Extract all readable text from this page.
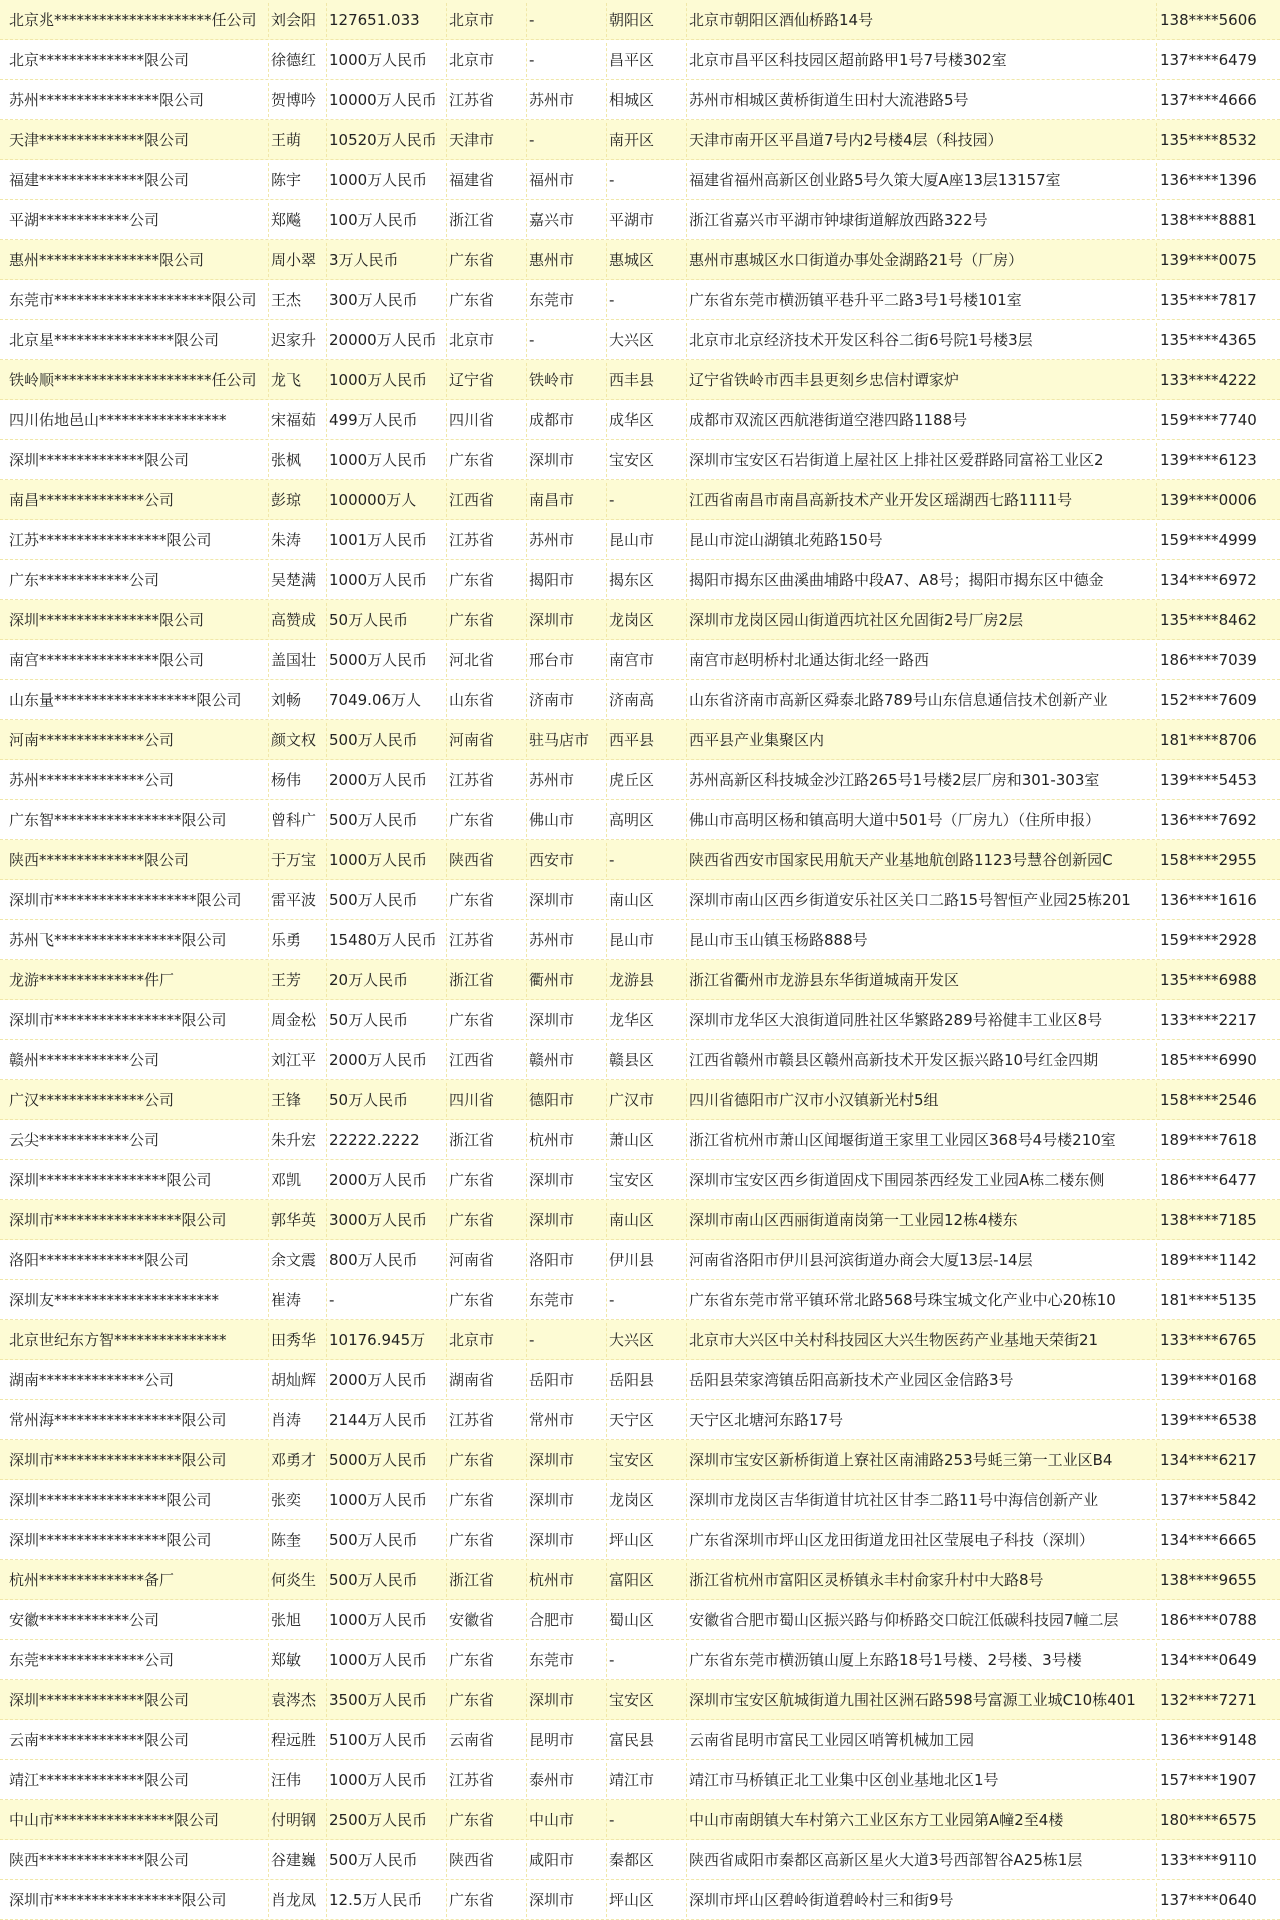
北京兆*********************任公司 刘会阳 127651.033	北京市	-	朝阳区	北京市朝阳区酒仙桥路14号	138****5606
北京**************限公司	徐德红 1000万人民币	北京市	-	昌平区	北京市昌平区科技园区超前路甲1号7号楼302室	137****6479
苏州****************限公司	贺博吟 10000万人民币 江苏省	苏州市	相城区	苏州市相城区黄桥街道生田村大流港路5号	137****4666
天津**************限公司	王萌	10520万人民币 天津市	-	南开区	天津市南开区平昌道7号内2号楼4层（科技园）	135****8532
福建**************限公司	陈宇	1000万人民币	福建省	福州市	-	福建省福州高新区创业路5号久策大厦A座13层13157室	136****1396
平湖************公司	郑飚	100万人民币	浙江省	嘉兴市	平湖市	浙江省嘉兴市平湖市钟埭街道解放西路322号	138****8881
惠州****************限公司	周小翠 3万人民币	广东省	惠州市	惠城区	惠州市惠城区水口街道办事处金湖路21号（厂房）	139****0075
东莞市*********************限公司 王杰	300万人民币	广东省	东莞市	-	广东省东莞市横沥镇平巷升平二路3号1号楼101室	135****7817
北京星****************限公司	迟家升 20000万人民币 北京市	-	大兴区	北京市北京经济技术开发区科谷二街6号院1号楼3层	135****4365
铁岭顺*********************任公司 龙飞	1000万人民币	辽宁省	铁岭市	西丰县	辽宁省铁岭市西丰县更刻乡忠信村谭家炉	133****4222
四川佑地邑山*****************	宋福茹 499万人民币	四川省	成都市	成华区	成都市双流区西航港街道空港四路1188号	159****7740
深圳**************限公司	张枫	1000万人民币	广东省	深圳市	宝安区	深圳市宝安区石岩街道上屋社区上排社区爱群路同富裕工业区2	139****6123
南昌**************公司	彭琼	100000万人	江西省	南昌市	-	江西省南昌市南昌高新技术产业开发区瑶湖西七路1111号	139****0006
江苏*****************限公司	朱涛	1001万人民币	江苏省	苏州市	昆山市	昆山市淀山湖镇北苑路150号	159****4999
广东************公司	吴楚满 1000万人民币	广东省	揭阳市	揭东区	揭阳市揭东区曲溪曲埔路中段A7、A8号；揭阳市揭东区中德金	134****6972
深圳****************限公司	高赞成 50万人民币	广东省	深圳市	龙岗区	深圳市龙岗区园山街道西坑社区允固街2号厂房2层	135****8462
南宫****************限公司	盖国壮 5000万人民币	河北省	邢台市	南宫市	南宫市赵明桥村北通达街北经一路西	186****7039
山东量*******************限公司	刘畅	7049.06万人	山东省	济南市	济南高	山东省济南市高新区舜泰北路789号山东信息通信技术创新产业	152****7609
河南**************公司	颜文权 500万人民币	河南省	驻马店市	西平县	西平县产业集聚区内	181****8706
苏州**************公司	杨伟	2000万人民币	江苏省	苏州市	虎丘区	苏州高新区科技城金沙江路265号1号楼2层厂房和301-303室	139****5453
广东智*****************限公司	曾科广 500万人民币	广东省	佛山市	高明区	佛山市高明区杨和镇高明大道中501号（厂房九）（住所申报）	136****7692
陕西**************限公司	于万宝 1000万人民币	陕西省	西安市	-	陕西省西安市国家民用航天产业基地航创路1123号慧谷创新园C	158****2955
深圳市*******************限公司	雷平波 500万人民币	广东省	深圳市	南山区	深圳市南山区西乡街道安乐社区关口二路15号智恒产业园25栋201	136****1616
苏州飞*****************限公司	乐勇	15480万人民币 江苏省	苏州市	昆山市	昆山市玉山镇玉杨路888号	159****2928
龙游**************件厂	王芳	20万人民币	浙江省	衢州市	龙游县	浙江省衢州市龙游县东华街道城南开发区	135****6988
深圳市*****************限公司	周金松 50万人民币	广东省	深圳市	龙华区	深圳市龙华区大浪街道同胜社区华繁路289号裕健丰工业区8号	133****2217
赣州************公司	刘江平 2000万人民币	江西省	赣州市	赣县区	江西省赣州市赣县区赣州高新技术开发区振兴路10号红金四期	185****6990
广汉**************公司	王锋	50万人民币	四川省	德阳市	广汉市	四川省德阳市广汉市小汉镇新光村5组	158****2546
云尖************公司	朱升宏 22222.2222	浙江省	杭州市	萧山区	浙江省杭州市萧山区闻堰街道王家里工业园区368号4号楼210室	189****7618
深圳*****************限公司	邓凯	2000万人民币	广东省	深圳市	宝安区	深圳市宝安区西乡街道固戍下围园茶西经发工业园A栋二楼东侧	186****6477
深圳市*****************限公司	郭华英 3000万人民币	广东省	深圳市	南山区	深圳市南山区西丽街道南岗第一工业园12栋4楼东	138****7185
洛阳**************限公司	余文震 800万人民币	河南省	洛阳市	伊川县	河南省洛阳市伊川县河滨街道办商会大厦13层-14层	189****1142
深圳友**********************	崔涛	-	广东省	东莞市	-	广东省东莞市常平镇环常北路568号珠宝城文化产业中心20栋10	181****5135
北京世纪东方智***************	田秀华 10176.945万	北京市	-	大兴区	北京市大兴区中关村科技园区大兴生物医药产业基地天荣街21	133****6765
湖南**************公司	胡灿辉 2000万人民币	湖南省	岳阳市	岳阳县	岳阳县荣家湾镇岳阳高新技术产业园区金信路3号	139****0168
常州海*****************限公司	肖涛	2144万人民币	江苏省	常州市	天宁区	天宁区北塘河东路17号	139****6538
深圳市*****************限公司	邓勇才 5000万人民币	广东省	深圳市	宝安区	深圳市宝安区新桥街道上寮社区南浦路253号蚝三第一工业区B4	134****6217
深圳*****************限公司	张奕	1000万人民币	广东省	深圳市	龙岗区	深圳市龙岗区吉华街道甘坑社区甘李二路11号中海信创新产业	137****5842
深圳*****************限公司	陈奎	500万人民币	广东省	深圳市	坪山区	广东省深圳市坪山区龙田街道龙田社区莹展电子科技（深圳）	134****6665
杭州**************备厂	何炎生 500万人民币	浙江省	杭州市	富阳区	浙江省杭州市富阳区灵桥镇永丰村俞家升村中大路8号	138****9655
安徽************公司	张旭	1000万人民币	安徽省	合肥市	蜀山区	安徽省合肥市蜀山区振兴路与仰桥路交口皖江低碳科技园7幢二层	186****0788
东莞**************公司	郑敏	1000万人民币	广东省	东莞市	-	广东省东莞市横沥镇山厦上东路18号1号楼、2号楼、3号楼	134****0649
深圳**************限公司	袁涔杰 3500万人民币	广东省	深圳市	宝安区	深圳市宝安区航城街道九围社区洲石路598号富源工业城C10栋401	132****7271
云南**************限公司	程远胜 5100万人民币	云南省	昆明市	富民县	云南省昆明市富民工业园区哨箐机械加工园	136****9148
靖江**************限公司	汪伟	1000万人民币	江苏省	泰州市	靖江市	靖江市马桥镇正北工业集中区创业基地北区1号	157****1907
中山市****************限公司	付明钢 2500万人民币	广东省	中山市	-	中山市南朗镇大车村第六工业区东方工业园第A幢2至4楼	180****6575
陕西**************限公司	谷建巍 500万人民币	陕西省	咸阳市	秦都区	陕西省咸阳市秦都区高新区星火大道3号西部智谷A25栋1层	133****9110
深圳市*****************限公司	肖龙凤 12.5万人民币	广东省	深圳市	坪山区	深圳市坪山区碧岭街道碧岭村三和街9号	137****0640
